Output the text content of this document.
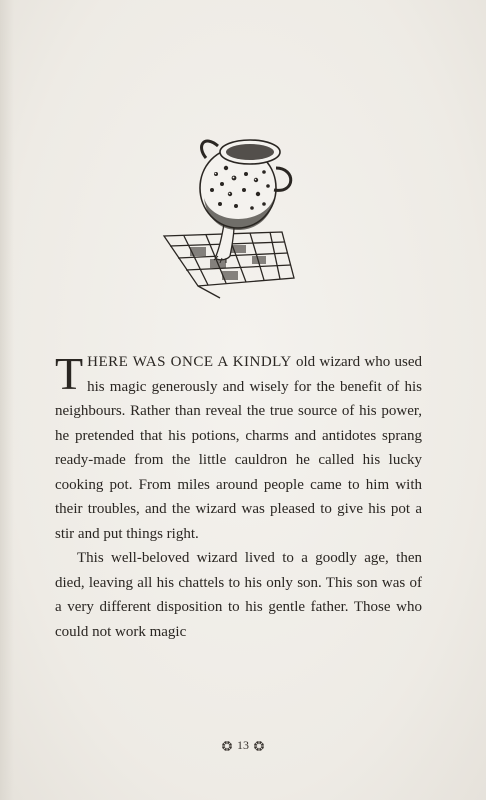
THERE WAS ONCE A KINDLY old wizard who used his magic generously and wisely for the benefit of his neighbours. Rather than reveal the true source of his power, he pretended that his potions, charms and antidotes sprang ready-made from the little cauldron he called his lucky cooking pot. From miles around people came to him with their troubles, and the wizard was pleased to give his pot a stir and put things right.

This well-beloved wizard lived to a goodly age, then died, leaving all his chattels to his only son. This son was of a very different disposition to his gentle father. Those who could not work magic

13
